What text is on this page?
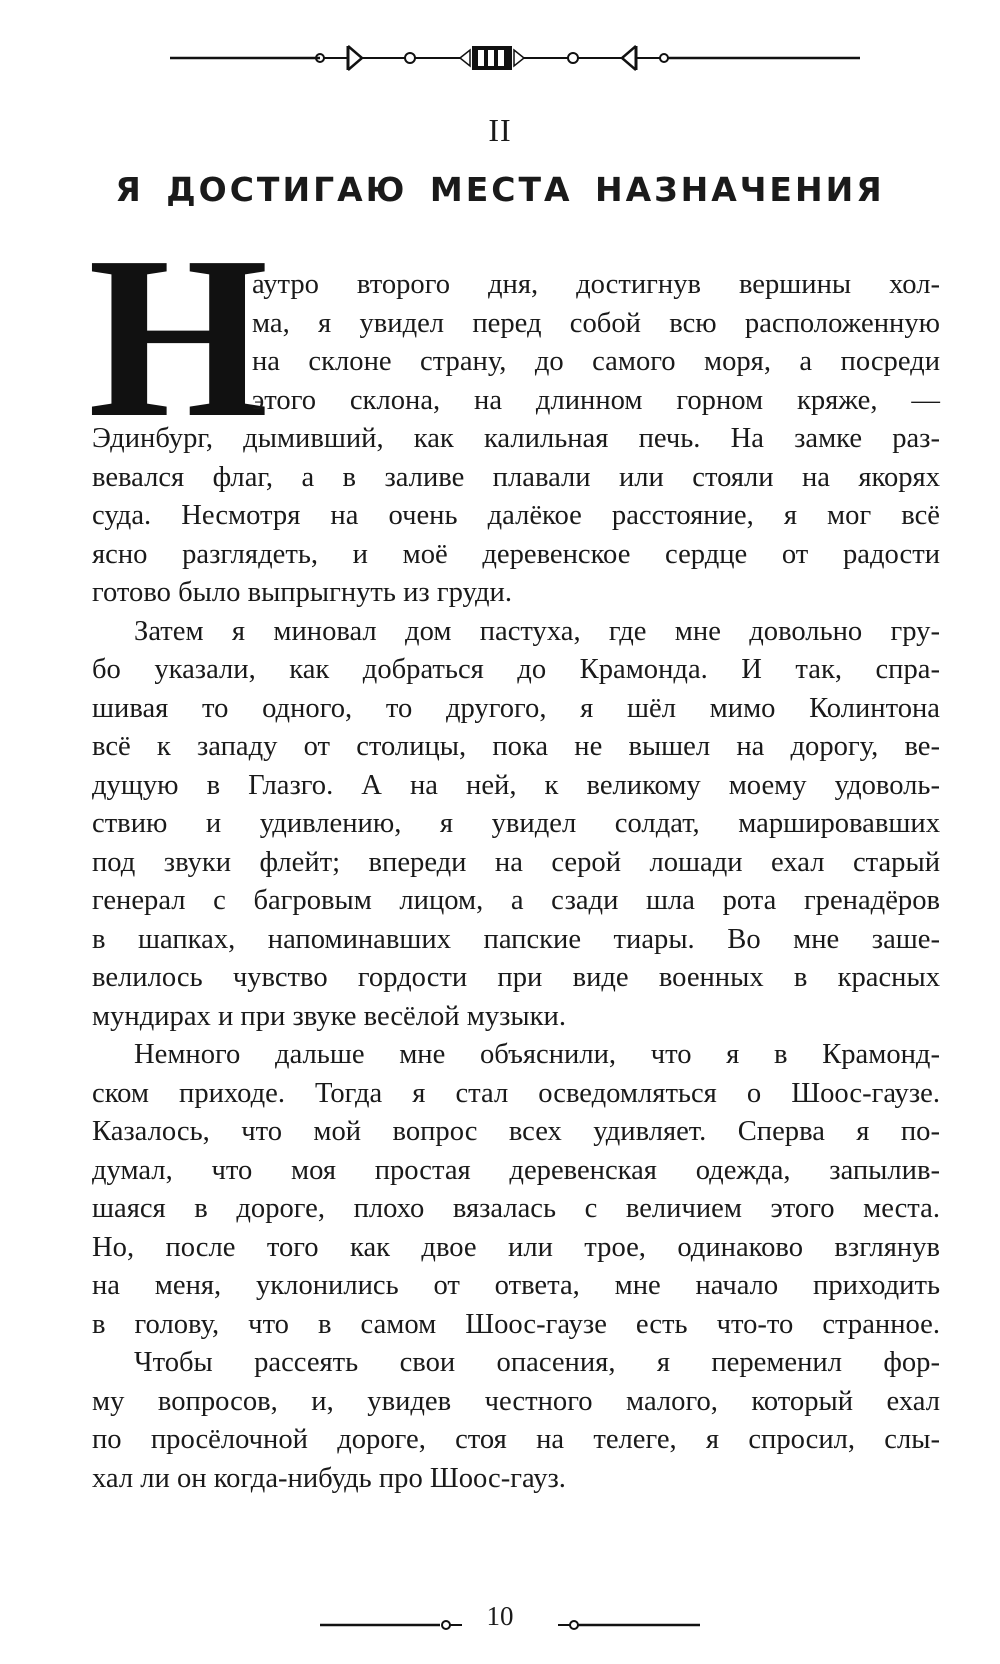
II
Я ДОСТИГАЮ МЕСТА НАЗНАЧЕНИЯ
Н
аутро второго дня, достигнув вершины хол-
ма, я увидел перед собой всю расположенную
на склоне страну, до самого моря, а посреди
этого склона, на длинном горном кряже, —
Эдинбург, дымивший, как калильная печь. На замке раз-
вевался флаг, а в заливе плавали или стояли на якорях
суда. Несмотря на очень далёкое расстояние, я мог всё
ясно разглядеть, и моё деревенское сердце от радости
готово было выпрыгнуть из груди.
Затем я миновал дом пастуха, где мне довольно гру-
бо указали, как добраться до Крамонда. И так, спра-
шивая то одного, то другого, я шёл мимо Колинтона
всё к западу от столицы, пока не вышел на дорогу, ве-
дущую в Глазго. А на ней, к великому моему удоволь-
ствию и удивлению, я увидел солдат, маршировавших
под звуки флейт; впереди на серой лошади ехал старый
генерал с багровым лицом, а сзади шла рота гренадёров
в шапках, напоминавших папские тиары. Во мне заше-
велилось чувство гордости при виде военных в красных
мундирах и при звуке весёлой музыки.
Немного дальше мне объяснили, что я в Крамонд-
ском приходе. Тогда я стал осведомляться о Шоос-гаузе.
Казалось, что мой вопрос всех удивляет. Сперва я по-
думал, что моя простая деревенская одежда, запылив-
шаяся в дороге, плохо вязалась с величием этого места.
Но, после того как двое или трое, одинаково взглянув
на меня, уклонились от ответа, мне начало приходить
в голову, что в самом Шоос-гаузе есть что-то странное.
Чтобы рассеять свои опасения, я переменил фор-
му вопросов, и, увидев честного малого, который ехал
по просёлочной дороге, стоя на телеге, я спросил, слы-
хал ли он когда-нибудь про Шоос-гауз.
10
